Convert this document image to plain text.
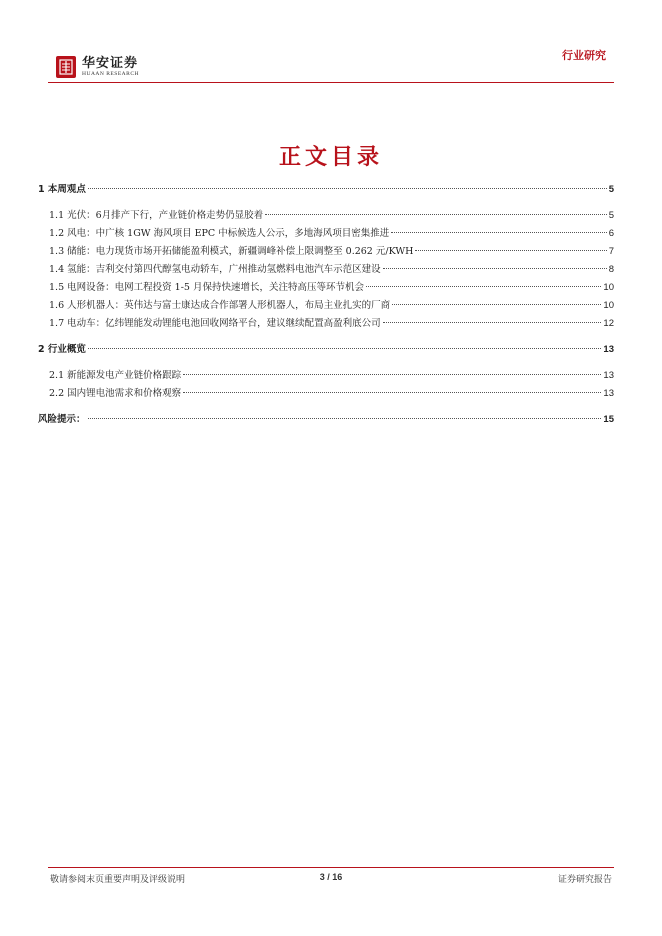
华安证券
HUAAN RESEARCH
行业研究
正文目录
1 本周观点	5
1.1 光伏：6月排产下行，产业链价格走势仍显胶着	5
1.2 风电：中广核 1GW 海风项目 EPC 中标候选人公示，多地海风项目密集推进	6
1.3 储能：电力现货市场开拓储能盈利模式，新疆调峰补偿上限调整至 0.262 元/KWH	7
1.4 氢能：吉利交付第四代醇氢电动轿车，广州推动氢燃料电池汽车示范区建设	8
1.5 电网设备：电网工程投资 1-5 月保持快速增长，关注特高压等环节机会	10
1.6 人形机器人：英伟达与富士康达成合作部署人形机器人，布局主业扎实的厂商	10
1.7 电动车：亿纬锂能发动锂能电池回收网络平台，建议继续配置高盈利底公司	12
2 行业概览	13
2.1 新能源发电产业链价格跟踪	13
2.2 国内锂电池需求和价格观察	13
风险提示：	15
敬请参阅末页重要声明及评级说明	3 / 16	证券研究报告
